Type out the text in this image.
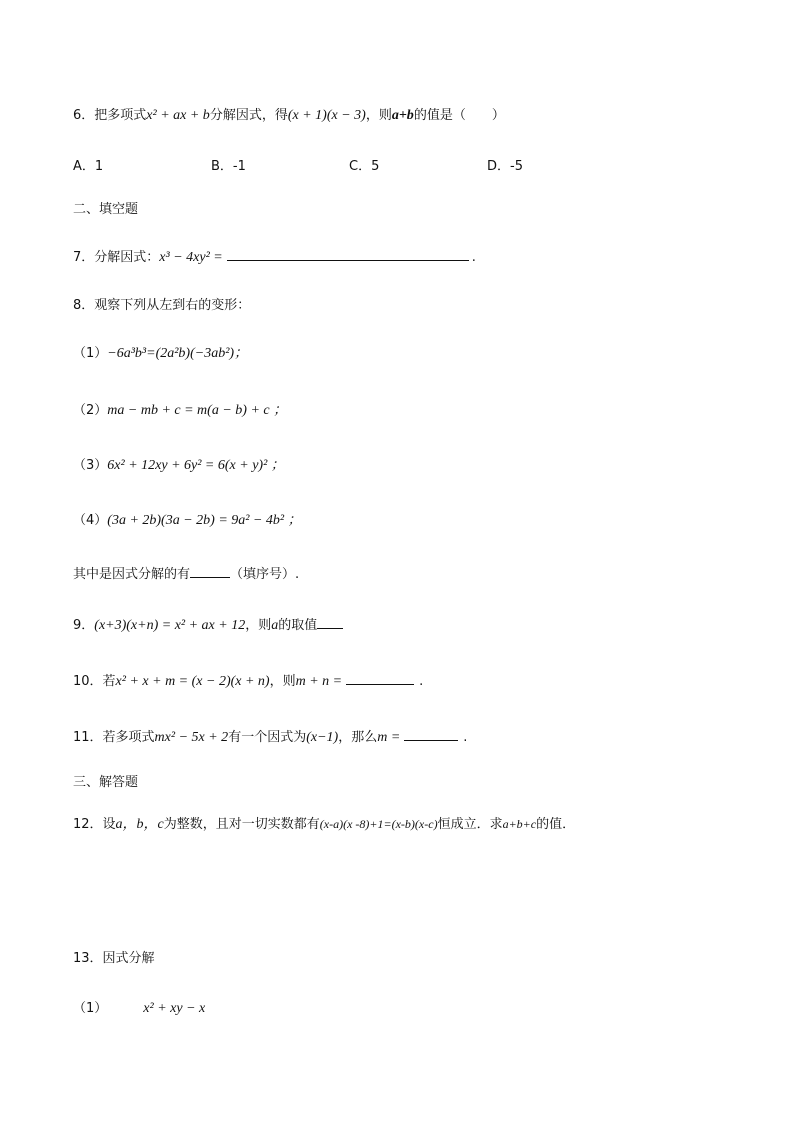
6．把多项式x² + ax + b分解因式，得(x + 1)(x − 3)，则a+b的值是（　　）
A．1	B．-1	C．5	D．-5
二、填空题
7．分解因式：x³ − 4xy² =	.
8．观察下列从左到右的变形：
（1）−6a³b³=(2a²b)(−3ab²)；
（2）ma − mb + c = m(a − b) + c ；
（3）6x² + 12xy + 6y² = 6(x + y)² ；
（4）(3a + 2b)(3a − 2b) = 9a² − 4b² ；
其中是因式分解的有	（填序号）.
9．(x+3)(x+n) = x² + ax + 12，则a的取值
10．若x² + x + m = (x − 2)(x + n)，则m + n =	.
11．若多项式mx² − 5x + 2有一个因式为(x−1)，那么m =	.
三、解答题
12．设a，b，c为整数，且对一切实数都有(x-a)(x -8)+1=(x-b)(x-c)恒成立．求a+b+c的值．
13．因式分解
（1）	x² + xy − x
